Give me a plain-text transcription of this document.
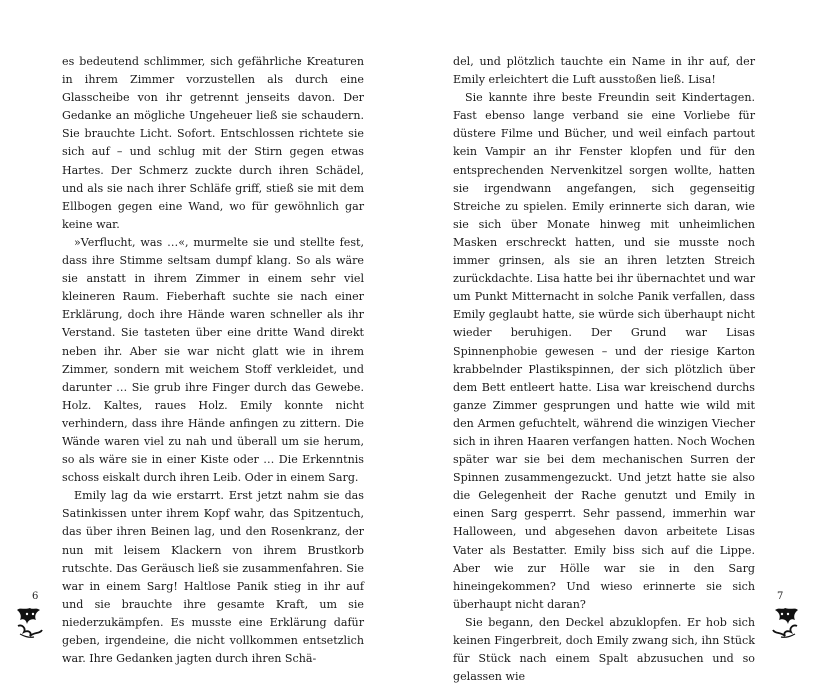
es bedeutend schlimmer, sich gefährliche Kreaturen in ihrem Zimmer vorzustellen als durch eine Glasscheibe von ihr getrennt jenseits davon. Der Gedanke an mögliche Ungeheuer ließ sie schaudern. Sie brauchte Licht. Sofort. Entschlossen richtete sie sich auf – und schlug mit der Stirn gegen etwas Hartes. Der Schmerz zuckte durch ihren Schädel, und als sie nach ihrer Schläfe griff, stieß sie mit dem Ellbogen gegen eine Wand, wo für gewöhnlich gar keine war.

»Verflucht, was …«, murmelte sie und stellte fest, dass ihre Stimme seltsam dumpf klang. So als wäre sie anstatt in ihrem Zimmer in einem sehr viel kleineren Raum. Fieberhaft suchte sie nach einer Erklärung, doch ihre Hände waren schneller als ihr Verstand. Sie tasteten über eine dritte Wand direkt neben ihr. Aber sie war nicht glatt wie in ihrem Zimmer, sondern mit weichem Stoff verkleidet, und darunter … Sie grub ihre Finger durch das Gewebe. Holz. Kaltes, raues Holz. Emily konnte nicht verhindern, dass ihre Hände anfingen zu zittern. Die Wände waren viel zu nah und überall um sie herum, so als wäre sie in einer Kiste oder … Die Erkenntnis schoss eiskalt durch ihren Leib. Oder in einem Sarg.

Emily lag da wie erstarrt. Erst jetzt nahm sie das Satinkissen unter ihrem Kopf wahr, das Spitzentuch, das über ihren Beinen lag, und den Rosenkranz, der nun mit leisem Klackern von ihrem Brustkorb rutschte. Das Geräusch ließ sie zusammenfahren. Sie war in einem Sarg! Haltlose Panik stieg in ihr auf und sie brauchte ihre gesamte Kraft, um sie niederzukämpfen. Es musste eine Erklärung dafür geben, irgendeine, die nicht vollkommen entsetzlich war. Ihre Gedanken jagten durch ihren Schä-

6

del, und plötzlich tauchte ein Name in ihr auf, der Emily erleichtert die Luft ausstoßen ließ. Lisa!

Sie kannte ihre beste Freundin seit Kindertagen. Fast ebenso lange verband sie eine Vorliebe für düstere Filme und Bücher, und weil einfach partout kein Vampir an ihr Fenster klopfen und für den entsprechenden Nervenkitzel sorgen wollte, hatten sie irgendwann angefangen, sich gegenseitig Streiche zu spielen. Emily erinnerte sich daran, wie sie sich über Monate hinweg mit unheimlichen Masken erschreckt hatten, und sie musste noch immer grinsen, als sie an ihren letzten Streich zurückdachte. Lisa hatte bei ihr übernachtet und war um Punkt Mitternacht in solche Panik verfallen, dass Emily geglaubt hatte, sie würde sich überhaupt nicht wieder beruhigen. Der Grund war Lisas Spinnenphobie gewesen – und der riesige Karton krabbelnder Plastikspinnen, der sich plötzlich über dem Bett entleert hatte. Lisa war kreischend durchs ganze Zimmer gesprungen und hatte wie wild mit den Armen gefuchtelt, während die winzigen Viecher sich in ihren Haaren verfangen hatten. Noch Wochen später war sie bei dem mechanischen Surren der Spinnen zusammengezuckt. Und jetzt hatte sie also die Gelegenheit der Rache genutzt und Emily in einen Sarg gesperrt. Sehr passend, immerhin war Halloween, und abgesehen davon arbeitete Lisas Vater als Bestatter. Emily biss sich auf die Lippe. Aber wie zur Hölle war sie in den Sarg hineingekommen? Und wieso erinnerte sie sich überhaupt nicht daran?

Sie begann, den Deckel abzuklopfen. Er hob sich keinen Fingerbreit, doch Emily zwang sich, ihn Stück für Stück nach einem Spalt abzusuchen und so gelassen wie

7
